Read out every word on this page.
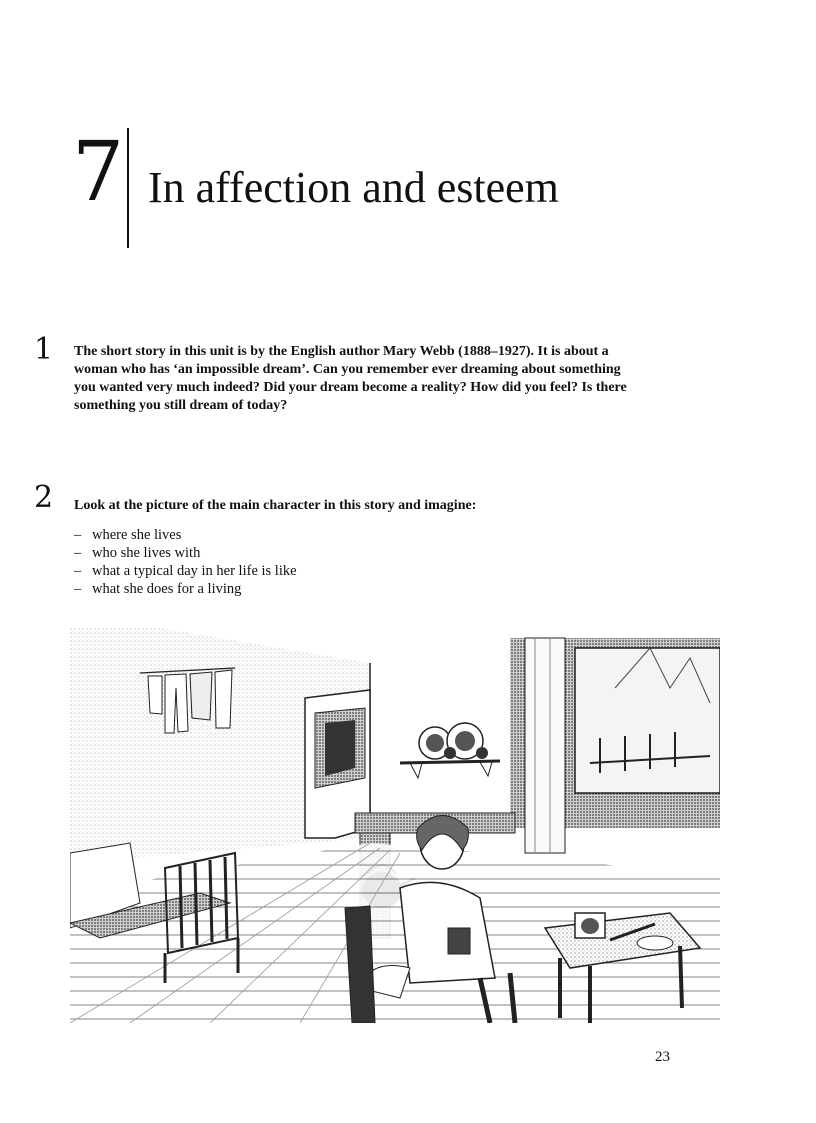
7 In affection and esteem
1 The short story in this unit is by the English author Mary Webb (1888–1927). It is about a woman who has ‘an impossible dream’. Can you remember ever dreaming about something you wanted very much indeed? Did your dream become a reality? How did you feel? Is there something you still dream of today?

2 Look at the picture of the main character in this story and imagine:

– where she lives
– who she lives with
– what a typical day in her life is like
– what she does for a living
23
